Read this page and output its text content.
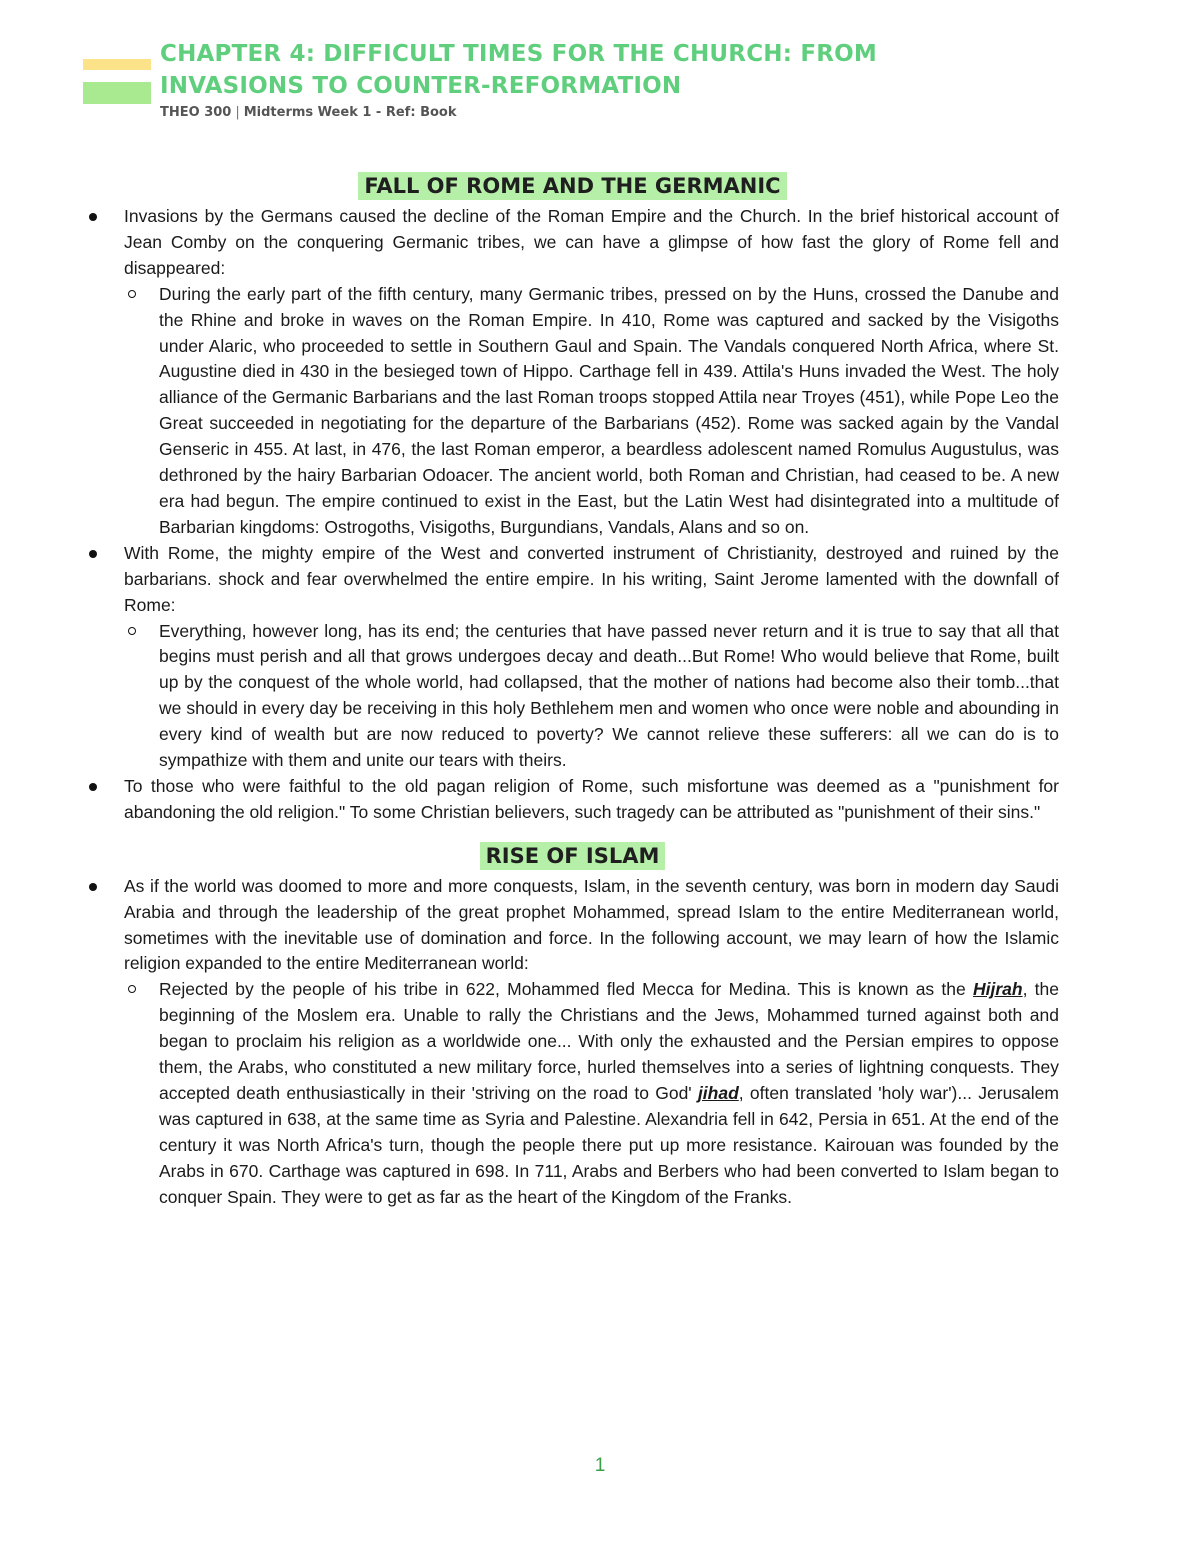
CHAPTER 4: DIFFICULT TIMES FOR THE CHURCH: FROM
INVASIONS TO COUNTER-REFORMATION
THEO 300 | Midterms Week 1 - Ref: Book
FALL OF ROME AND THE GERMANIC
Invasions by the Germans caused the decline of the Roman Empire and the Church. In the brief historical account of Jean Comby on the conquering Germanic tribes, we can have a glimpse of how fast the glory of Rome fell and disappeared:
During the early part of the fifth century, many Germanic tribes, pressed on by the Huns, crossed the Danube and the Rhine and broke in waves on the Roman Empire. In 410, Rome was captured and sacked by the Visigoths under Alaric, who proceeded to settle in Southern Gaul and Spain. The Vandals conquered North Africa, where St. Augustine died in 430 in the besieged town of Hippo. Carthage fell in 439. Attila's Huns invaded the West. The holy alliance of the Germanic Barbarians and the last Roman troops stopped Attila near Troyes (451), while Pope Leo the Great succeeded in negotiating for the departure of the Barbarians (452). Rome was sacked again by the Vandal Genseric in 455. At last, in 476, the last Roman emperor, a beardless adolescent named Romulus Augustulus, was dethroned by the hairy Barbarian Odoacer. The ancient world, both Roman and Christian, had ceased to be. A new era had begun. The empire continued to exist in the East, but the Latin West had disintegrated into a multitude of Barbarian kingdoms: Ostrogoths, Visigoths, Burgundians, Vandals, Alans and so on.
With Rome, the mighty empire of the West and converted instrument of Christianity, destroyed and ruined by the barbarians. shock and fear overwhelmed the entire empire. In his writing, Saint Jerome lamented with the downfall of Rome:
Everything, however long, has its end; the centuries that have passed never return and it is true to say that all that begins must perish and all that grows undergoes decay and death...But Rome! Who would believe that Rome, built up by the conquest of the whole world, had collapsed, that the mother of nations had become also their tomb...that we should in every day be receiving in this holy Bethlehem men and women who once were noble and abounding in every kind of wealth but are now reduced to poverty? We cannot relieve these sufferers: all we can do is to sympathize with them and unite our tears with theirs.
To those who were faithful to the old pagan religion of Rome, such misfortune was deemed as a "punishment for abandoning the old religion." To some Christian believers, such tragedy can be attributed as "punishment of their sins."
RISE OF ISLAM
As if the world was doomed to more and more conquests, Islam, in the seventh century, was born in modern day Saudi Arabia and through the leadership of the great prophet Mohammed, spread Islam to the entire Mediterranean world, sometimes with the inevitable use of domination and force. In the following account, we may learn of how the Islamic religion expanded to the entire Mediterranean world:
Rejected by the people of his tribe in 622, Mohammed fled Mecca for Medina. This is known as the Hijrah, the beginning of the Moslem era. Unable to rally the Christians and the Jews, Mohammed turned against both and began to proclaim his religion as a worldwide one... With only the exhausted and the Persian empires to oppose them, the Arabs, who constituted a new military force, hurled themselves into a series of lightning conquests. They accepted death enthusiastically in their 'striving on the road to God' jihad, often translated 'holy war')... Jerusalem was captured in 638, at the same time as Syria and Palestine. Alexandria fell in 642, Persia in 651. At the end of the century it was North Africa's turn, though the people there put up more resistance. Kairouan was founded by the Arabs in 670. Carthage was captured in 698. In 711, Arabs and Berbers who had been converted to Islam began to conquer Spain. They were to get as far as the heart of the Kingdom of the Franks.
1
